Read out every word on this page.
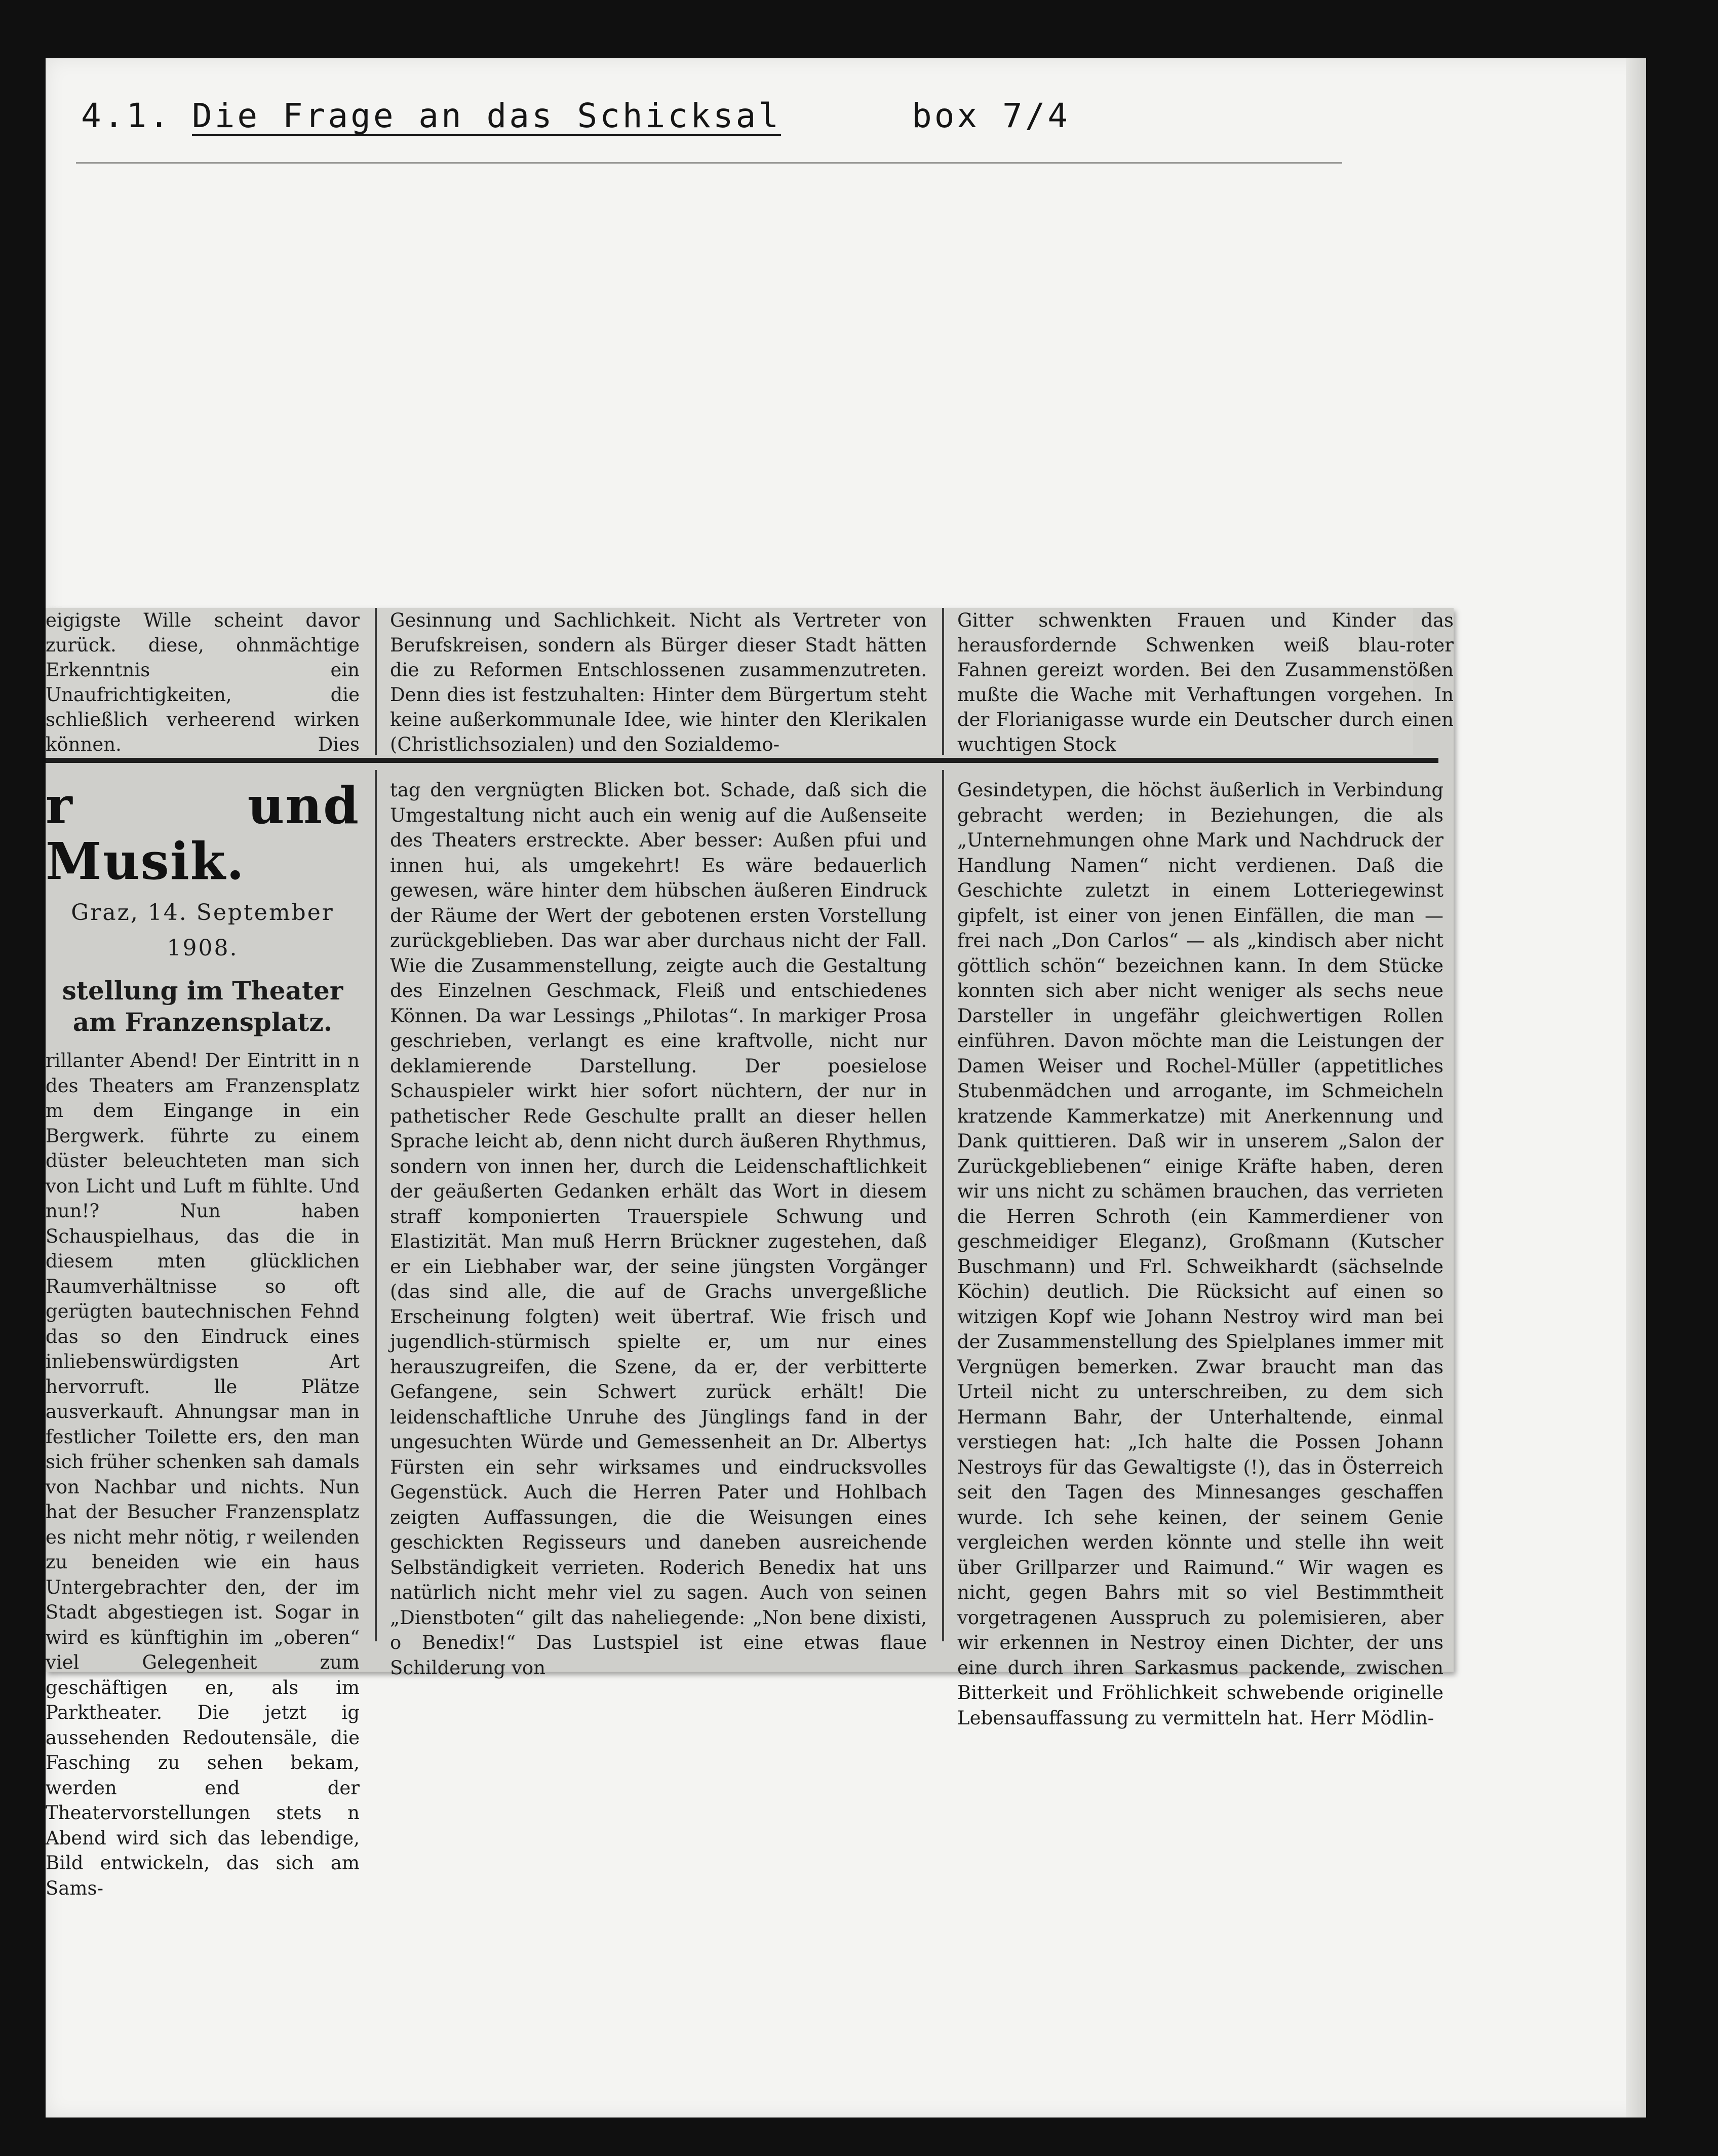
4.1. Die Frage an das Schicksal	box 7/4

eigigste Wille scheint davor zurück. diese, ohnmächtige Erkenntnis ein Unaufrichtigkeiten, die schließlich verheerend wirken können. Dies

Gesinnung und Sachlichkeit. Nicht als Vertreter von Berufskreisen, sondern als Bürger dieser Stadt hätten die zu Reformen Entschlossenen zusammenzutreten. Denn dies ist festzuhalten: Hinter dem Bürgertum steht keine außerkommunale Idee, wie hinter den Klerikalen (Christlichsozialen) und den Sozialdemo-

Gitter schwenkten Frauen und Kinder das herausfordernde Schwenken weiß blau-roter Fahnen gereizt worden. Bei den Zusammenstößen mußte die Wache mit Verhaftungen vorgehen. In der Florianigasse wurde ein Deutscher durch einen wuchtigen Stock

r und Musik.
Graz, 14. September 1908.
stellung im Theater am Franzensplatz.

rillanter Abend! Der Eintritt in n des Theaters am Franzensplatz m dem Eingange in ein Bergwerk. führte zu einem düster beleuchteten man sich von Licht und Luft m fühlte. Und nun!? Nun haben Schauspielhaus, das die in diesem mten glücklichen Raumverhältnisse so oft gerügten bautechnischen Fehnd das so den Eindruck eines inliebenswürdigsten Art hervorruft. lle Plätze ausverkauft. Ahnungsar man in festlicher Toilette ers, den man sich früher schenken sah damals von Nachbar und nichts. Nun hat der Besucher Franzensplatz es nicht mehr nötig, r weilenden zu beneiden wie ein haus Untergebrachter den, der im Stadt abgestiegen ist. Sogar in wird es künftighin im „oberen“ viel Gelegenheit zum geschäftigen en, als im Parktheater. Die jetzt ig aussehenden Redoutensäle, die Fasching zu sehen bekam, werden end der Theatervorstellungen stets n Abend wird sich das lebendige, Bild entwickeln, das sich am Sams-

tag den vergnügten Blicken bot. Schade, daß sich die Umgestaltung nicht auch ein wenig auf die Außenseite des Theaters erstreckte. Aber besser: Außen pfui und innen hui, als umgekehrt! Es wäre bedauerlich gewesen, wäre hinter dem hübschen äußeren Eindruck der Räume der Wert der gebotenen ersten Vorstellung zurückgeblieben. Das war aber durchaus nicht der Fall. Wie die Zusammenstellung, zeigte auch die Gestaltung des Einzelnen Geschmack, Fleiß und entschiedenes Können. Da war Lessings „Philotas“. In markiger Prosa geschrieben, verlangt es eine kraftvolle, nicht nur deklamierende Darstellung. Der poesielose Schauspieler wirkt hier sofort nüchtern, der nur in pathetischer Rede Geschulte prallt an dieser hellen Sprache leicht ab, denn nicht durch äußeren Rhythmus, sondern von innen her, durch die Leidenschaftlichkeit der geäußerten Gedanken erhält das Wort in diesem straff komponierten Trauerspiele Schwung und Elastizität. Man muß Herrn Brückner zugestehen, daß er ein Liebhaber war, der seine jüngsten Vorgänger (das sind alle, die auf de Grachs unvergeßliche Erscheinung folgten) weit übertraf. Wie frisch und jugendlich-stürmisch spielte er, um nur eines herauszugreifen, die Szene, da er, der verbitterte Gefangene, sein Schwert zurück erhält! Die leidenschaftliche Unruhe des Jünglings fand in der ungesuchten Würde und Gemessenheit an Dr. Albertys Fürsten ein sehr wirksames und eindrucksvolles Gegenstück. Auch die Herren Pater und Hohlbach zeigten Auffassungen, die die Weisungen eines geschickten Regisseurs und daneben ausreichende Selbständigkeit verrieten. Roderich Benedix hat uns natürlich nicht mehr viel zu sagen. Auch von seinen „Dienstboten“ gilt das naheliegende: „Non bene dixisti, o Benedix!“ Das Lustspiel ist eine etwas flaue Schilderung von

Gesindetypen, die höchst äußerlich in Verbindung gebracht werden; in Beziehungen, die als „Unternehmungen ohne Mark und Nachdruck der Handlung Namen“ nicht verdienen. Daß die Geschichte zuletzt in einem Lotteriegewinst gipfelt, ist einer von jenen Einfällen, die man — frei nach „Don Carlos“ — als „kindisch aber nicht göttlich schön“ bezeichnen kann. In dem Stücke konnten sich aber nicht weniger als sechs neue Darsteller in ungefähr gleichwertigen Rollen einführen. Davon möchte man die Leistungen der Damen Weiser und Rochel-Müller (appetitliches Stubenmädchen und arrogante, im Schmeicheln kratzende Kammerkatze) mit Anerkennung und Dank quittieren. Daß wir in unserem „Salon der Zurückgebliebenen“ einige Kräfte haben, deren wir uns nicht zu schämen brauchen, das verrieten die Herren Schroth (ein Kammerdiener von geschmeidiger Eleganz), Großmann (Kutscher Buschmann) und Frl. Schweikhardt (sächselnde Köchin) deutlich. Die Rücksicht auf einen so witzigen Kopf wie Johann Nestroy wird man bei der Zusammenstellung des Spielplanes immer mit Vergnügen bemerken. Zwar braucht man das Urteil nicht zu unterschreiben, zu dem sich Hermann Bahr, der Unterhaltende, einmal verstiegen hat: „Ich halte die Possen Johann Nestroys für das Gewaltigste (!), das in Österreich seit den Tagen des Minnesanges geschaffen wurde. Ich sehe keinen, der seinem Genie vergleichen werden könnte und stelle ihn weit über Grillparzer und Raimund.“ Wir wagen es nicht, gegen Bahrs mit so viel Bestimmtheit vorgetragenen Ausspruch zu polemisieren, aber wir erkennen in Nestroy einen Dichter, der uns eine durch ihren Sarkasmus packende, zwischen Bitterkeit und Fröhlichkeit schwebende originelle Lebensauffassung zu vermitteln hat. Herr Mödlin-
